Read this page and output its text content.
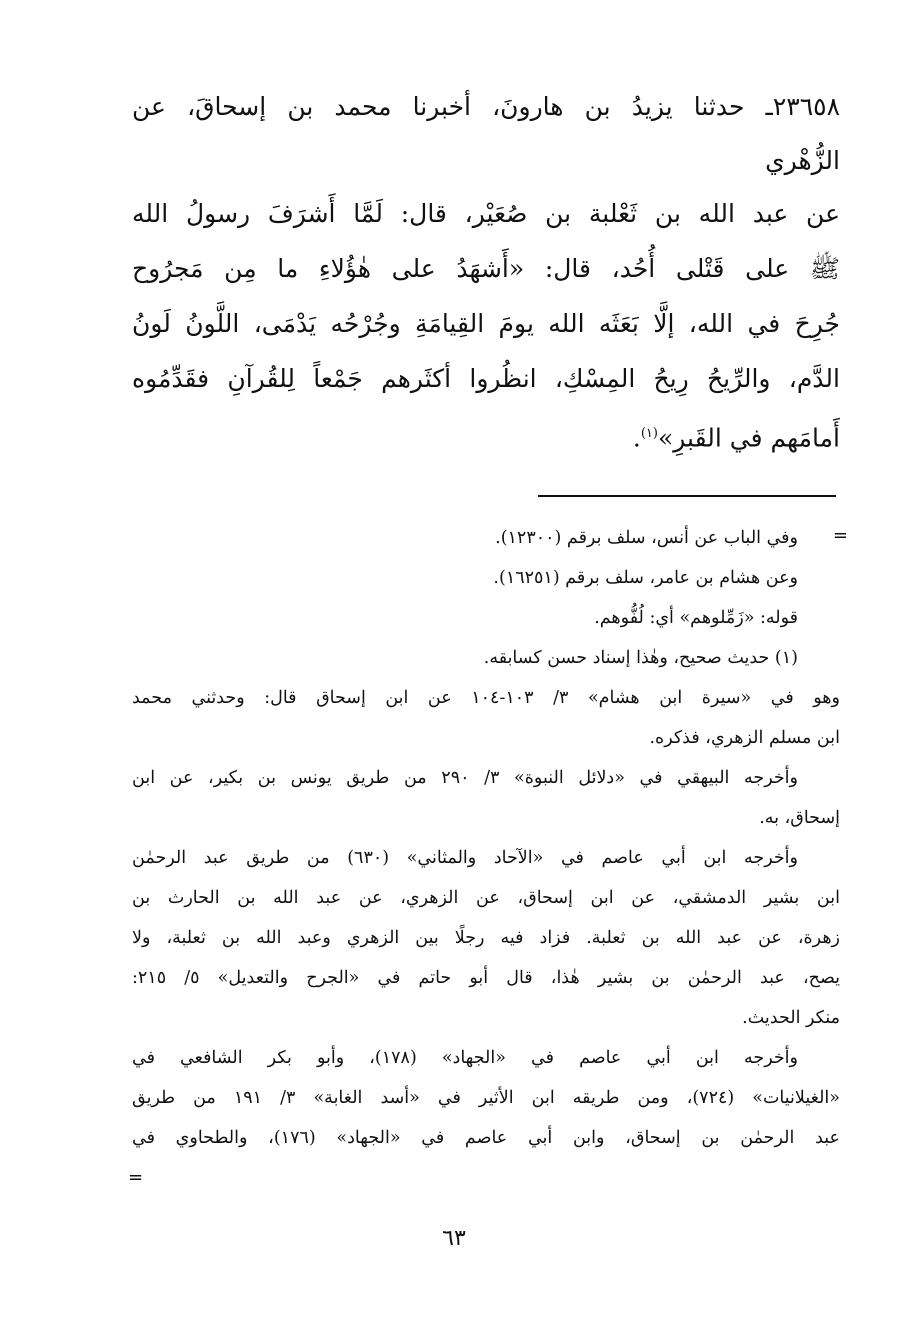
٢٣٦٥٨ـ حدثنا يزيدُ بن هارونَ، أخبرنا محمد بن إسحاقَ، عن
الزُّهْري
عن عبد الله بن ثَعْلبة بن صُعَيْر، قال: لَمَّا أَشرَفَ رسولُ الله
ﷺ على قَتْلى أُحُد، قال: «أَشهَدُ على هٰؤُلاءِ ما مِن مَجرُوح
جُرِحَ في الله، إلَّا بَعَثَه الله يومَ القِيامَةِ وجُرْحُه يَدْمَى، اللَّونُ لَونُ
الدَّم، والرِّيحُ رِيحُ المِسْكِ، انظُروا أكثَرهم جَمْعاً لِلقُرآنِ فقَدِّمُوه
أَمامَهم في القَبرِ»$^{(١)}$.
=
وفي الباب عن أنس، سلف برقم (١٢٣٠٠).
وعن هشام بن عامر، سلف برقم (١٦٢٥١).
قوله: «زَمِّلوهم» أي: لُفُّوهم.
(١) حديث صحيح، وهٰذا إسناد حسن كسابقه.
وهو في «سيرة ابن هشام» ٣/ ١٠٣-١٠٤ عن ابن إسحاق قال: وحدثني محمد
ابن مسلم الزهري، فذكره.
وأخرجه البيهقي في «دلائل النبوة» ٣/ ٢٩٠ من طريق يونس بن بكير، عن ابن
إسحاق، به.
وأخرجه ابن أبي عاصم في «الآحاد والمثاني» (٦٣٠) من طريق عبد الرحمٰن
ابن بشير الدمشقي، عن ابن إسحاق، عن الزهري، عن عبد الله بن الحارث بن
زهرة، عن عبد الله بن ثعلبة. فزاد فيه رجلًا بين الزهري وعبد الله بن ثعلبة، ولا
يصح، عبد الرحمٰن بن بشير هٰذا، قال أبو حاتم في «الجرح والتعديل» ٥/ ٢١٥:
منكر الحديث.
وأخرجه ابن أبي عاصم في «الجهاد» (١٧٨)، وأبو بكر الشافعي في
«الغيلانيات» (٧٢٤)، ومن طريقه ابن الأثير في «أسد الغابة» ٣/ ١٩١ من طريق
عبد الرحمٰن بن إسحاق، وابن أبي عاصم في «الجهاد» (١٧٦)، والطحاوي في
=
٦٣
